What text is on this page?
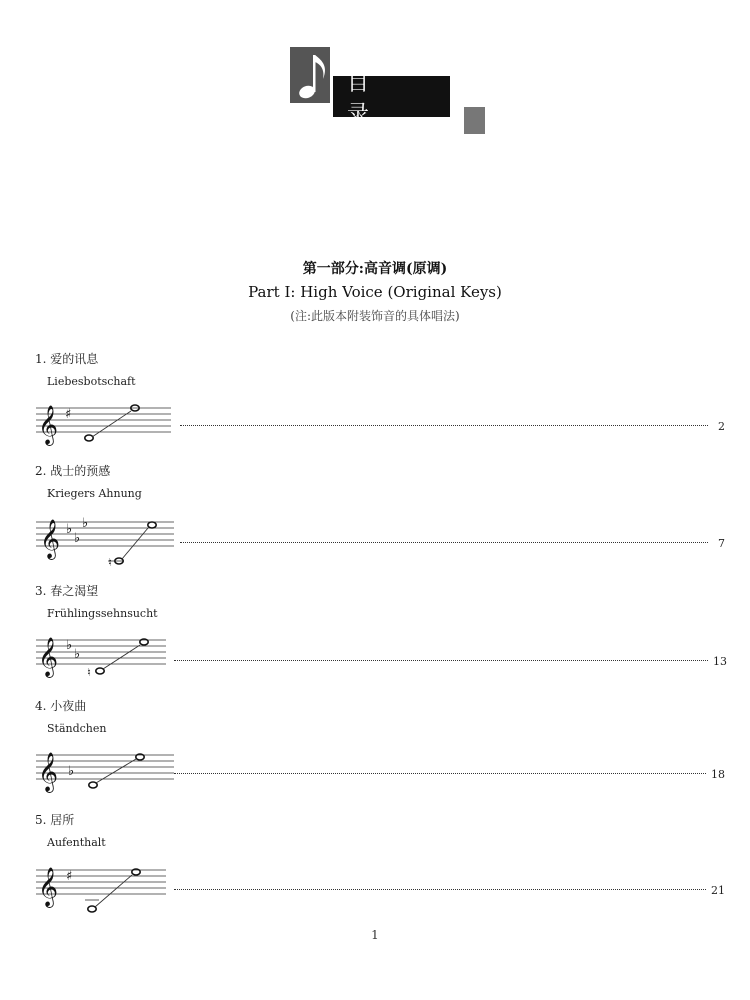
目　录
第一部分:高音调(原调)
Part Ⅰ: High Voice (Original Keys)
(注:此版本附装饰音的具体唱法)
1. 爱的讯息
Liebesbotschaft
𝄞 ♯
2
2. 战士的预感
Kriegers Ahnung
𝄞 ♭
♭
♭
♮
7
3. 春之渴望
Frühlingssehnsucht
𝄞 ♭
♭
♮
13
4. 小夜曲
Ständchen
𝄞 ♭	18
5. 居所
Aufenthalt
𝄞 ♯
21
1
